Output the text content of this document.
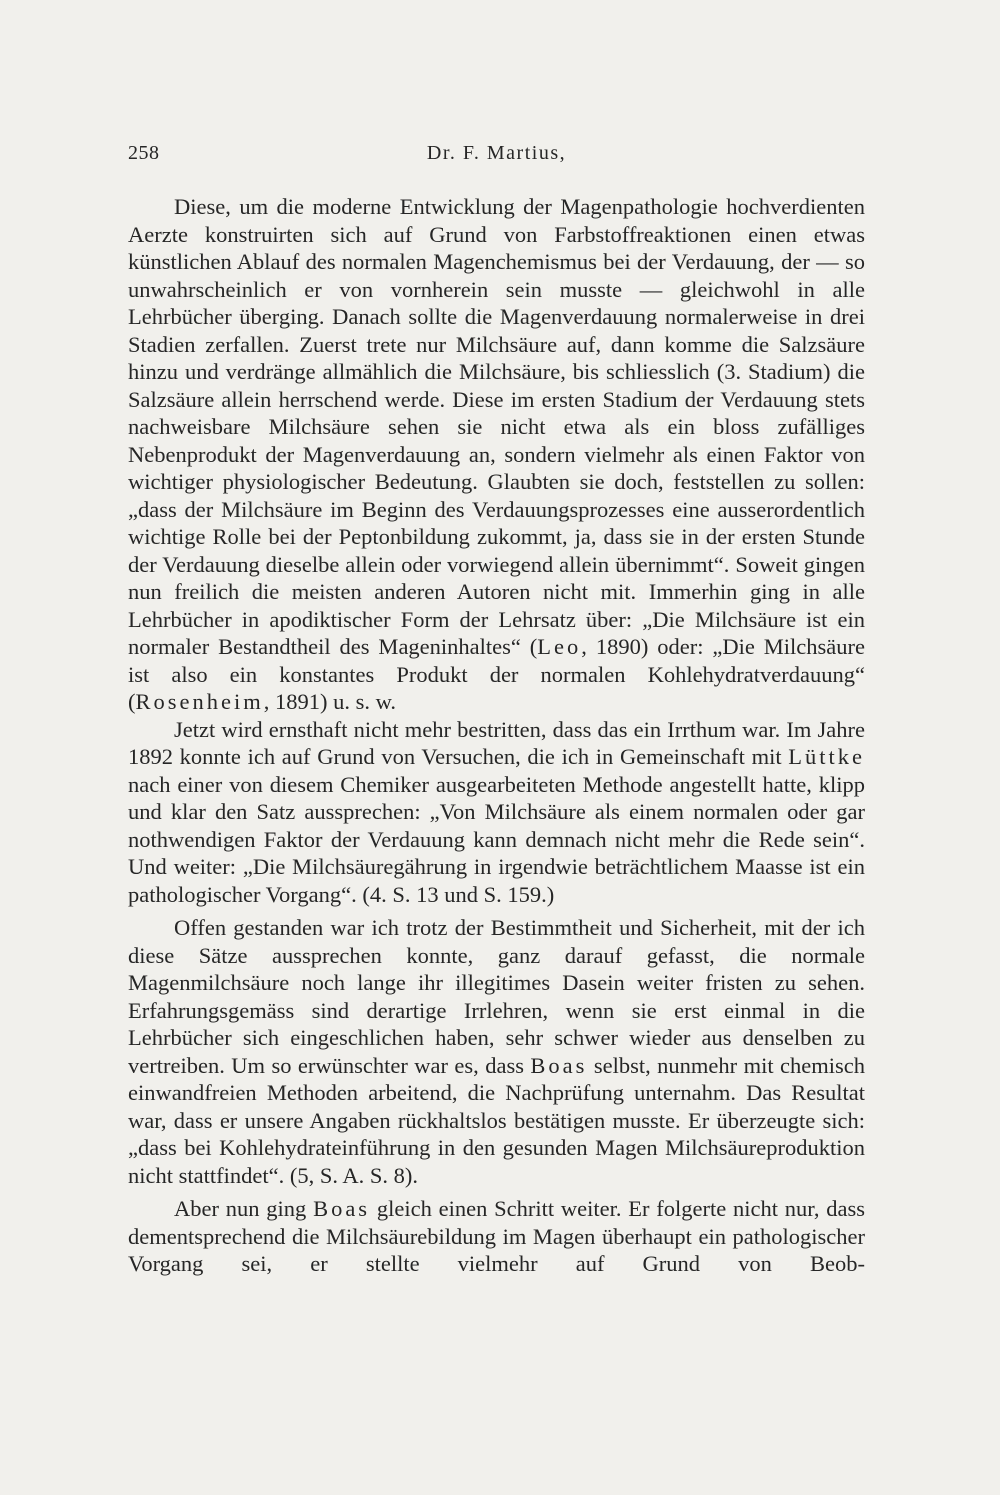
258	Dr. F. Martius,

Diese, um die moderne Entwicklung der Magenpathologie hochverdienten Aerzte konstruirten sich auf Grund von Farbstoffreaktionen einen etwas künstlichen Ablauf des normalen Magenchemismus bei der Verdauung, der — so unwahrscheinlich er von vornherein sein musste — gleichwohl in alle Lehrbücher überging. Danach sollte die Magenverdauung normalerweise in drei Stadien zerfallen. Zuerst trete nur Milchsäure auf, dann komme die Salzsäure hinzu und verdränge allmählich die Milchsäure, bis schliesslich (3. Stadium) die Salzsäure allein herrschend werde. Diese im ersten Stadium der Verdauung stets nachweisbare Milchsäure sehen sie nicht etwa als ein bloss zufälliges Nebenprodukt der Magenverdauung an, sondern vielmehr als einen Faktor von wichtiger physiologischer Bedeutung. Glaubten sie doch, feststellen zu sollen: „dass der Milchsäure im Beginn des Verdauungsprozesses eine ausserordentlich wichtige Rolle bei der Peptonbildung zukommt, ja, dass sie in der ersten Stunde der Verdauung dieselbe allein oder vorwiegend allein übernimmt“. Soweit gingen nun freilich die meisten anderen Autoren nicht mit. Immerhin ging in alle Lehrbücher in apodiktischer Form der Lehrsatz über: „Die Milchsäure ist ein normaler Bestandtheil des Mageninhaltes“ (Leo, 1890) oder: „Die Milchsäure ist also ein konstantes Produkt der normalen Kohlehydratverdauung“ (Rosenheim, 1891) u. s. w.

Jetzt wird ernsthaft nicht mehr bestritten, dass das ein Irrthum war. Im Jahre 1892 konnte ich auf Grund von Versuchen, die ich in Gemeinschaft mit Lüttke nach einer von diesem Chemiker ausgearbeiteten Methode angestellt hatte, klipp und klar den Satz aussprechen: „Von Milchsäure als einem normalen oder gar nothwendigen Faktor der Verdauung kann demnach nicht mehr die Rede sein“. Und weiter: „Die Milchsäuregährung in irgendwie beträchtlichem Maasse ist ein pathologischer Vorgang“. (4. S. 13 und S. 159.)

Offen gestanden war ich trotz der Bestimmtheit und Sicherheit, mit der ich diese Sätze aussprechen konnte, ganz darauf gefasst, die normale Magenmilchsäure noch lange ihr illegitimes Dasein weiter fristen zu sehen. Erfahrungsgemäss sind derartige Irrlehren, wenn sie erst einmal in die Lehrbücher sich eingeschlichen haben, sehr schwer wieder aus denselben zu vertreiben. Um so erwünschter war es, dass Boas selbst, nunmehr mit chemisch einwandfreien Methoden arbeitend, die Nachprüfung unternahm. Das Resultat war, dass er unsere Angaben rückhaltslos bestätigen musste. Er überzeugte sich: „dass bei Kohlehydrateinführung in den gesunden Magen Milchsäureproduktion nicht stattfindet“. (5, S. A. S. 8).

Aber nun ging Boas gleich einen Schritt weiter. Er folgerte nicht nur, dass dementsprechend die Milchsäurebildung im Magen überhaupt ein pathologischer Vorgang sei, er stellte vielmehr auf Grund von Beob-
